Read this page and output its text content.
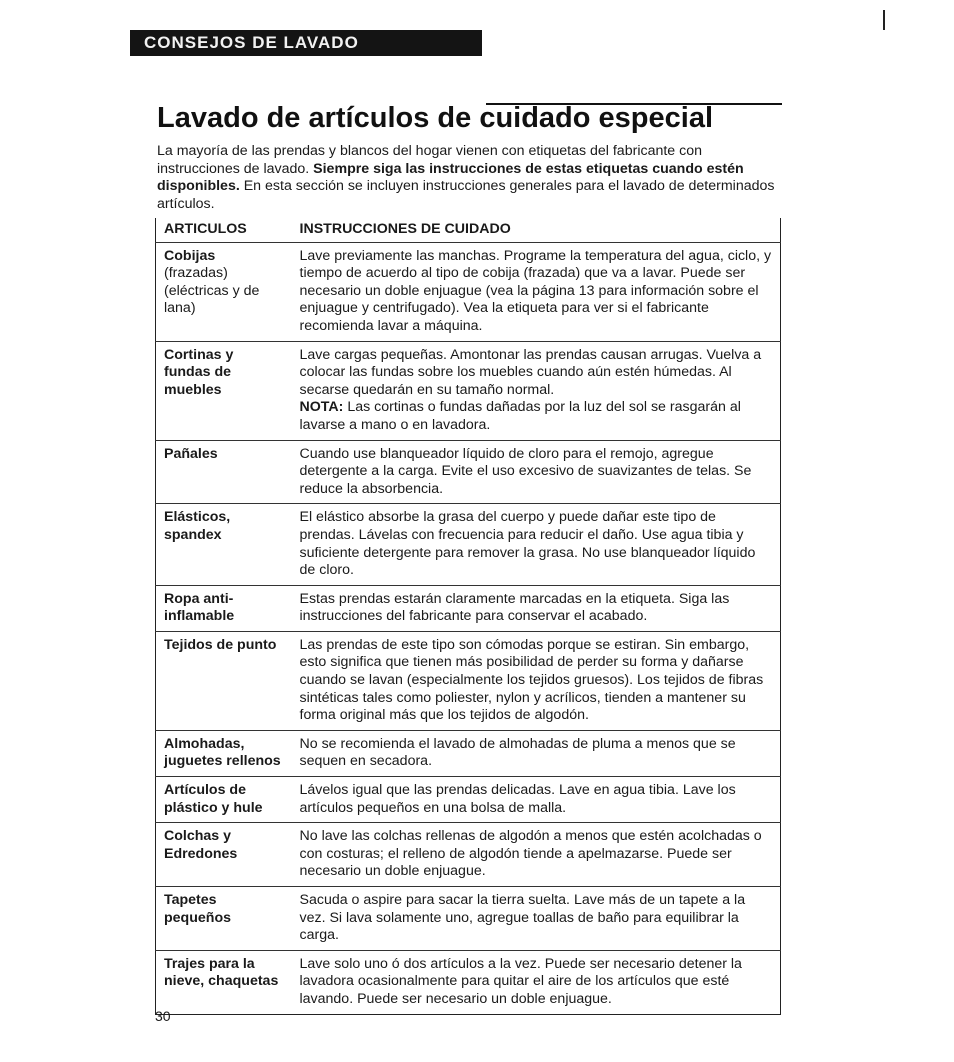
CONSEJOS DE LAVADO
Lavado de artículos de cuidado especial

La mayoría de las prendas y blancos del hogar vienen con etiquetas del fabricante con instrucciones de lavado. Siempre siga las instrucciones de estas etiquetas cuando estén disponibles. En esta sección se incluyen instrucciones generales para el lavado de determinados artículos.

ARTICULOS	INSTRUCCIONES DE CUIDADO

Cobijas
(frazadas) (eléctricas y de lana)	Lave previamente las manchas. Programe la temperatura del agua, ciclo, y tiempo de acuerdo al tipo de cobija (frazada) que va a lavar. Puede ser necesario un doble enjuague (vea la página 13 para información sobre el enjuague y centrifugado). Vea la etiqueta para ver si el fabricante recomienda lavar a máquina.

Cortinas y fundas de muebles	Lave cargas pequeñas. Amontonar las prendas causan arrugas. Vuelva a colocar las fundas sobre los muebles cuando aún estén húmedas. Al secarse quedarán en su tamaño normal.
NOTA: Las cortinas o fundas dañadas por la luz del sol se rasgarán al lavarse a mano o en lavadora.

Pañales	Cuando use blanqueador líquido de cloro para el remojo, agregue detergente a la carga. Evite el uso excesivo de suavizantes de telas. Se reduce la absorbencia.

Elásticos, spandex	El elástico absorbe la grasa del cuerpo y puede dañar este tipo de prendas. Lávelas con frecuencia para reducir el daño. Use agua tibia y suficiente detergente para remover la grasa. No use blanqueador líquido de cloro.

Ropa anti-inflamable	Estas prendas estarán claramente marcadas en la etiqueta. Siga las instrucciones del fabricante para conservar el acabado.

Tejidos de punto	Las prendas de este tipo son cómodas porque se estiran. Sin embargo, esto significa que tienen más posibilidad de perder su forma y dañarse cuando se lavan (especialmente los tejidos gruesos). Los tejidos de fibras sintéticas tales como poliester, nylon y acrílicos, tienden a mantener su forma original más que los tejidos de algodón.

Almohadas, juguetes rellenos	No se recomienda el lavado de almohadas de pluma a menos que se sequen en secadora.

Artículos de plástico y hule	Lávelos igual que las prendas delicadas. Lave en agua tibia. Lave los artículos pequeños en una bolsa de malla.

Colchas y Edredones	No lave las colchas rellenas de algodón a menos que estén acolchadas o con costuras; el relleno de algodón tiende a apelmazarse. Puede ser necesario un doble enjuague.

Tapetes pequeños	Sacuda o aspire para sacar la tierra suelta. Lave más de un tapete a la vez. Si lava solamente uno, agregue toallas de baño para equilibrar la carga.

Trajes para la nieve, chaquetas	Lave solo uno ó dos artículos a la vez. Puede ser necesario detener la lavadora ocasionalmente para quitar el aire de los artículos que esté lavando. Puede ser necesario un doble enjuague.

30
